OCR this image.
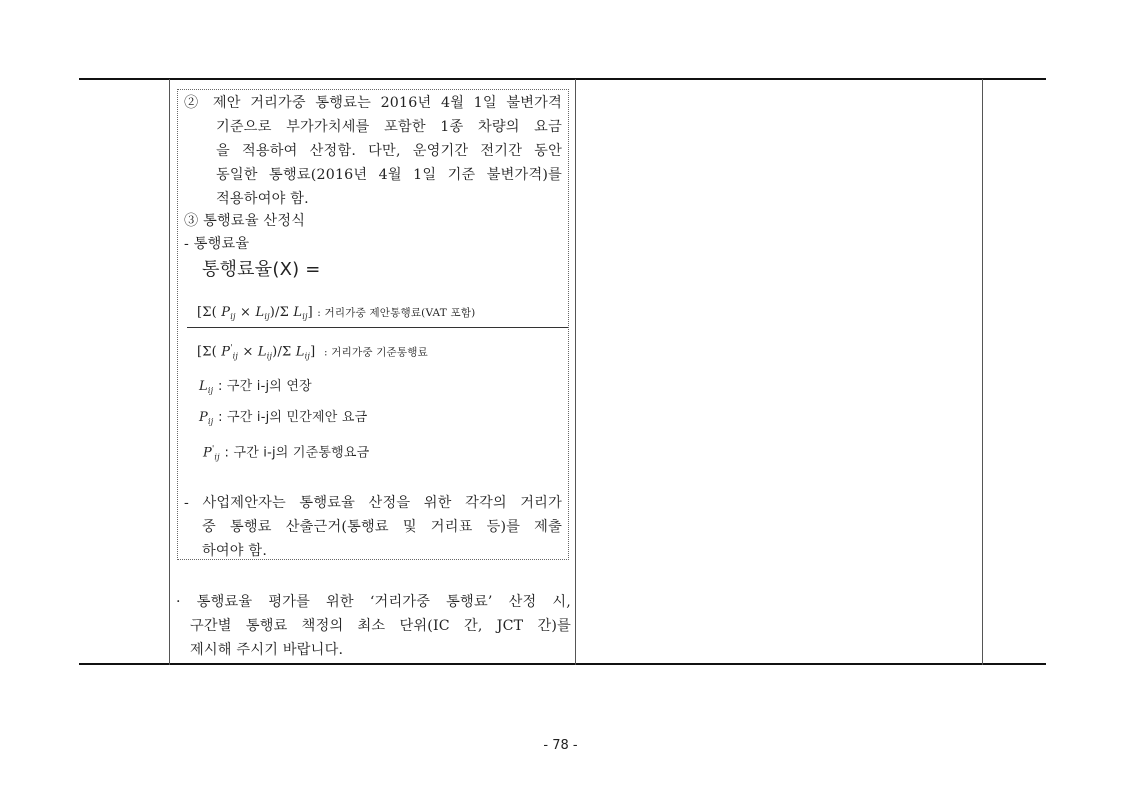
② 제안 거리가중 통행료는 2016년 4월 1일 불변가격
기준으로 부가가치세를 포함한 1종 차량의 요금
을 적용하여 산정함. 다만, 운영기간 전기간 동안
동일한 통행료(2016년 4월 1일 기준 불변가격)를
적용하여야 함.
③ 통행료율 산정식
- 통행료율
통행료율(X) =
[Σ( $P_{ij} \times L_{ij})/\Sigma$ $L_{ij}$] : 거리가중 제안통행료(VAT 포함)
[Σ( $P'_{ij} \times L_{ij})/\Sigma$ $L_{ij}$] : 거리가중 기준통행료
$L_{ij}$ : 구간 i-j의 연장
$P_{ij}$ : 구간 i-j의 민간제안 요금
$P'_{ij}$ : 구간 i-j의 기준통행요금
- 사업제안자는 통행료율 산정을 위한 각각의 거리가
중 통행료 산출근거(통행료 및 거리표 등)를 제출
하여야 함.
· 통행료율 평가를 위한 ‘거리가중 통행료’ 산정 시,
구간별 통행료 책정의 최소 단위(IC 간, JCT 간)를
제시해 주시기 바랍니다.
- 78 -
